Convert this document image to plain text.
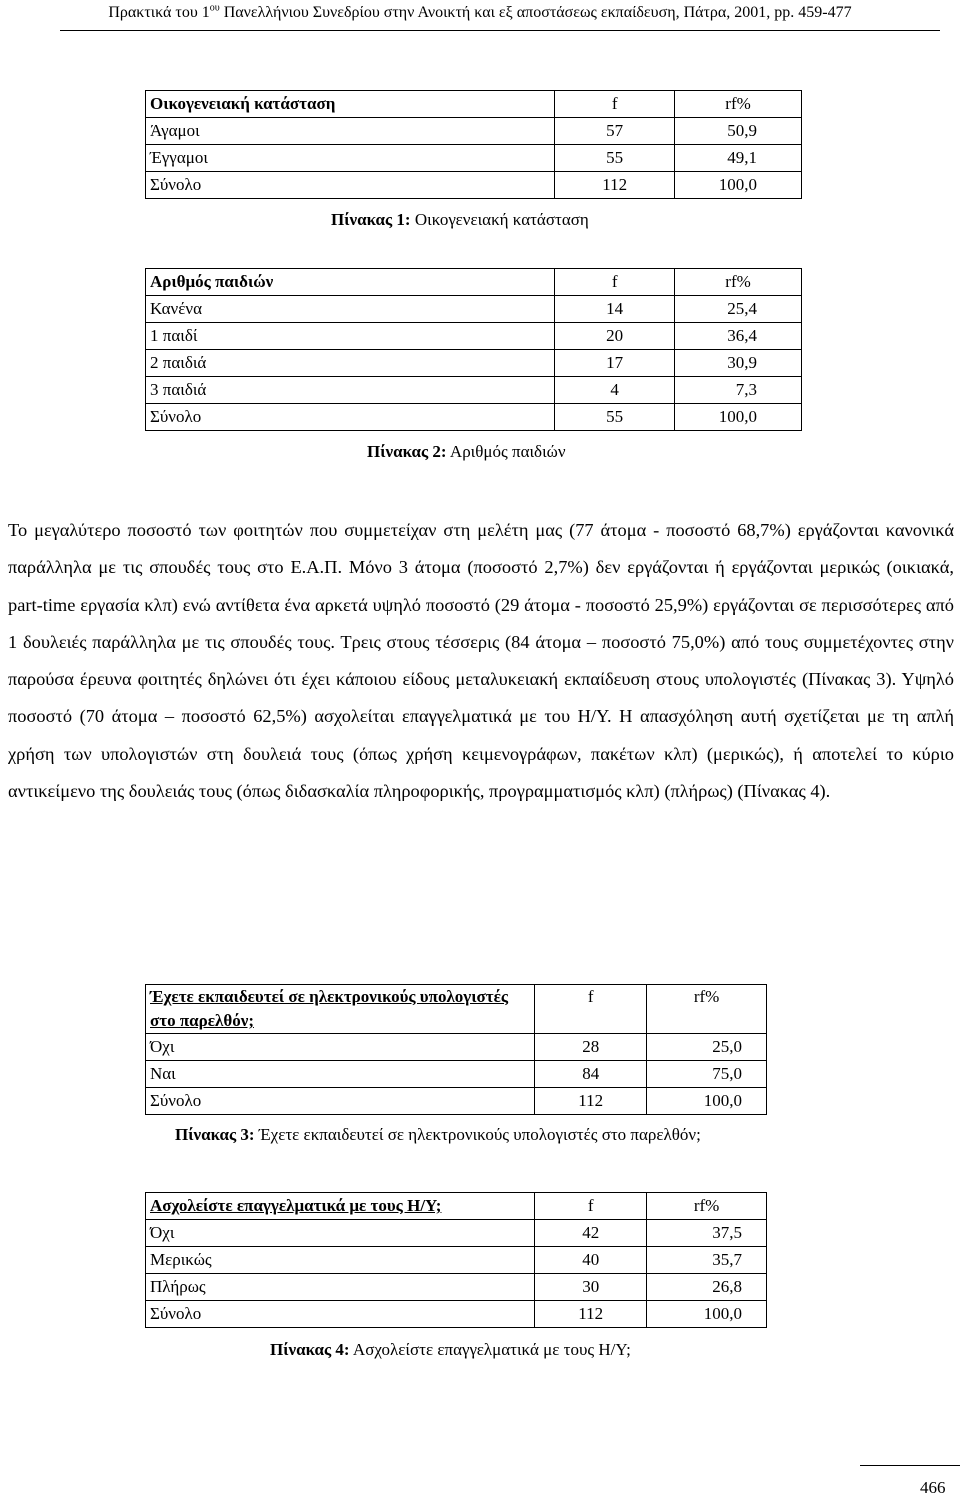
Πρακτικά του $1^{o\upsilon}$ Πανελλήνιου Συνεδρίου στην Ανοικτή και εξ αποστάσεως εκπαίδευση, Πάτρα, 2001, pp. 459-477
Οικογενειακή κατάσταση	f	rf%
Άγαμοι	57	50,9
Έγγαμοι	55	49,1
Σύνολο	112	100,0
Πίνακας 1: Οικογενειακή κατάσταση
Αριθμός παιδιών	f	rf%
Κανένα	14	25,4
1 παιδί	20	36,4
2 παιδιά	17	30,9
3 παιδιά	4	7,3
Σύνολο	55	100,0
Πίνακας 2: Αριθμός παιδιών
Το μεγαλύτερο ποσοστό των φοιτητών που συμμετείχαν στη μελέτη μας (77 άτομα - ποσοστό 68,7%) εργάζονται κανονικά παράλληλα με τις σπουδές τους στο Ε.Α.Π. Μόνο 3 άτομα (ποσοστό 2,7%) δεν εργάζονται ή εργάζονται μερικώς (οικιακά, part-time εργασία κλπ) ενώ αντίθετα ένα αρκετά υψηλό ποσοστό (29 άτομα - ποσοστό 25,9%) εργάζονται σε περισσότερες από 1 δουλειές παράλληλα με τις σπουδές τους. Τρεις στους τέσσερις (84 άτομα – ποσοστό 75,0%) από τους συμμετέχοντες στην παρούσα έρευνα φοιτητές δηλώνει ότι έχει κάποιου είδους μεταλυκειακή εκπαίδευση στους υπολογιστές (Πίνακας 3). Υψηλό ποσοστό (70 άτομα – ποσοστό 62,5%) ασχολείται επαγγελματικά με του Η/Υ. Η απασχόληση αυτή σχετίζεται με τη απλή χρήση των υπολογιστών στη δουλειά τους (όπως χρήση κειμενογράφων, πακέτων κλπ) (μερικώς), ή αποτελεί το κύριο αντικείμενο της δουλειάς τους (όπως διδασκαλία πληροφορικής, προγραμματισμός κλπ) (πλήρως) (Πίνακας 4).
Έχετε εκπαιδευτεί σε ηλεκτρονικούς υπολογιστές στο παρελθόν;	f	rf%
Όχι	28	25,0
Ναι	84	75,0
Σύνολο	112	100,0
Πίνακας 3: Έχετε εκπαιδευτεί σε ηλεκτρονικούς υπολογιστές στο παρελθόν;
Ασχολείστε επαγγελματικά με τους Η/Υ;	f	rf%
Όχι	42	37,5
Μερικώς	40	35,7
Πλήρως	30	26,8
Σύνολο	112	100,0
Πίνακας 4: Ασχολείστε επαγγελματικά με τους Η/Υ;
466
